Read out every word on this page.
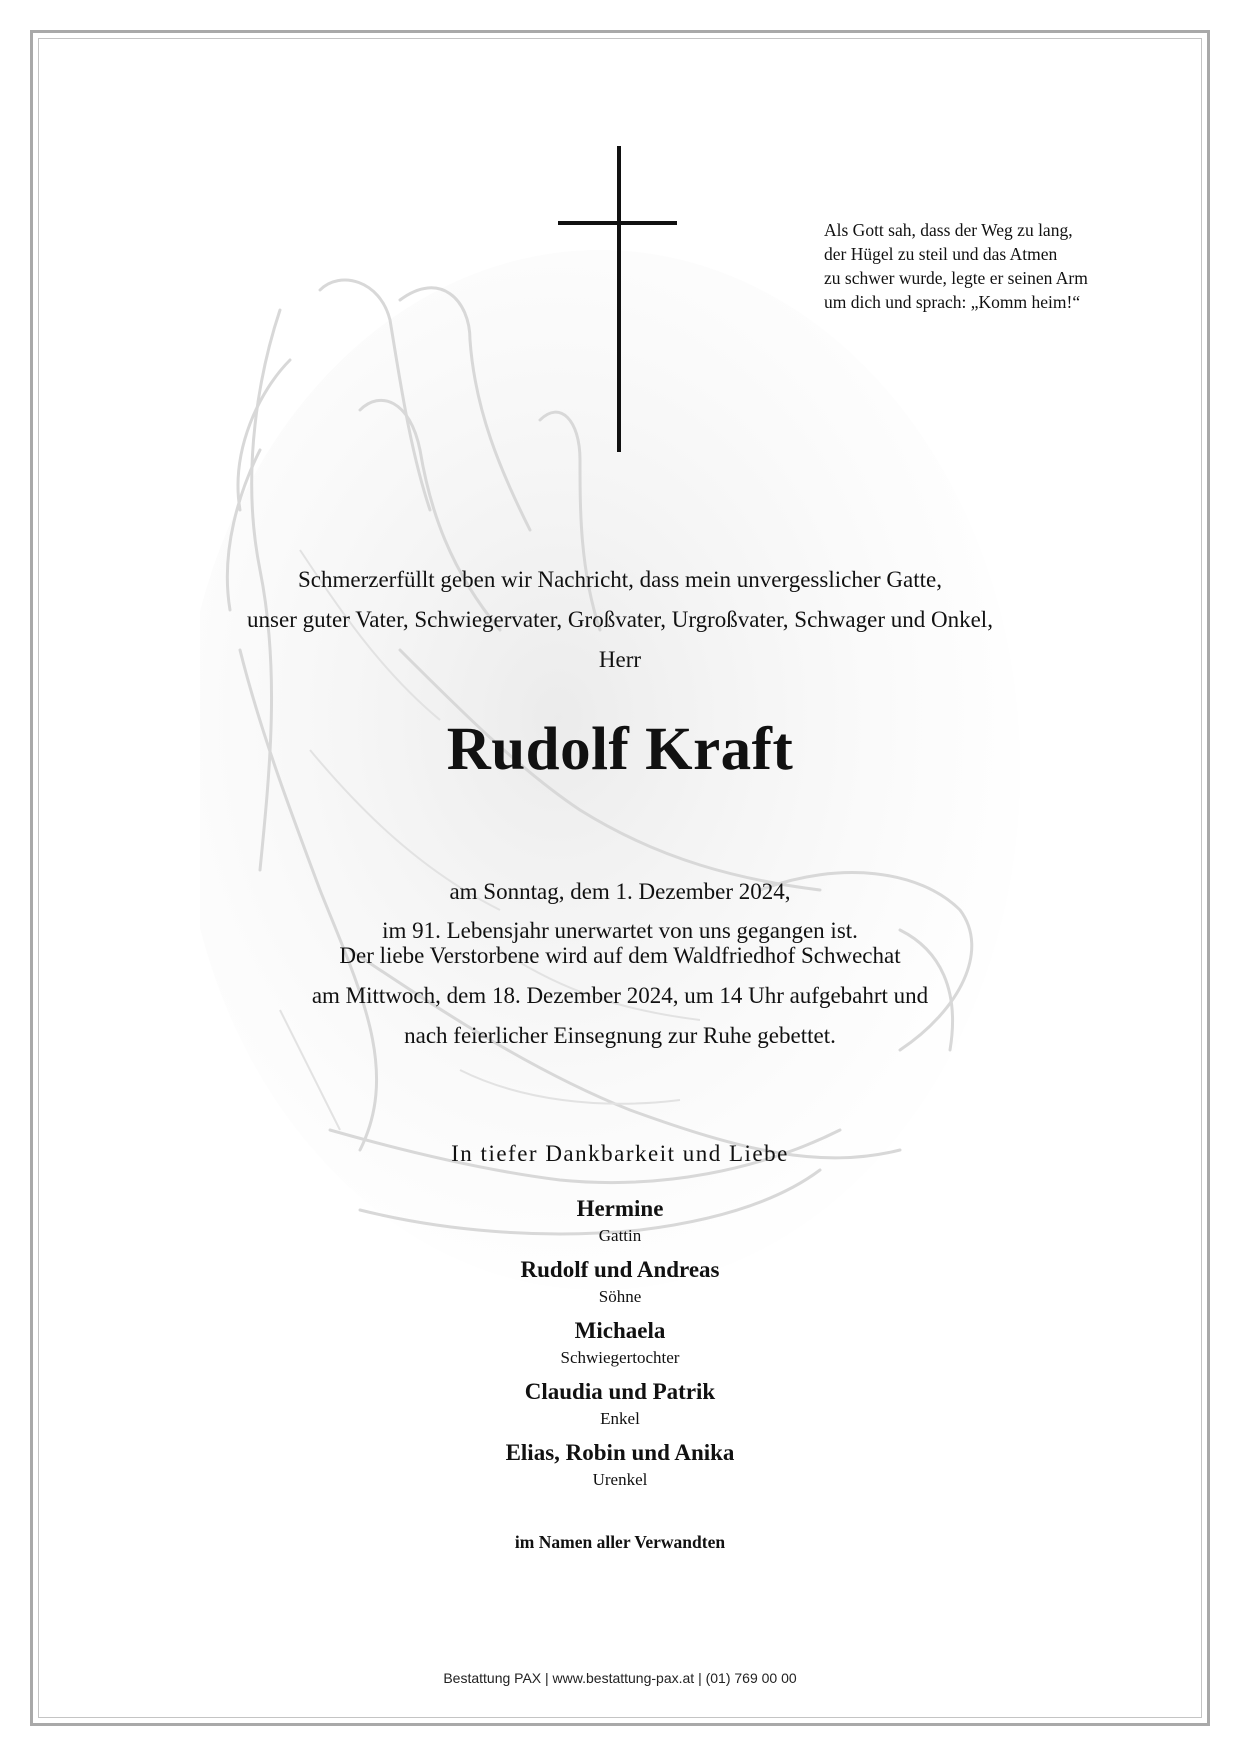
Als Gott sah, dass der Weg zu lang,
der Hügel zu steil und das Atmen
zu schwer wurde, legte er seinen Arm
um dich und sprach: „Komm heim!“
Schmerzerfüllt geben wir Nachricht, dass mein unvergesslicher Gatte,
unser guter Vater, Schwiegervater, Großvater, Urgroßvater, Schwager und Onkel,
Herr
Rudolf Kraft
am Sonntag, dem 1. Dezember 2024,
im 91. Lebensjahr unerwartet von uns gegangen ist.
Der liebe Verstorbene wird auf dem Waldfriedhof Schwechat
am Mittwoch, dem 18. Dezember 2024, um 14 Uhr aufgebahrt und
nach feierlicher Einsegnung zur Ruhe gebettet.
In tiefer Dankbarkeit und Liebe
Hermine
Gattin
Rudolf und Andreas
Söhne
Michaela
Schwiegertochter
Claudia und Patrik
Enkel
Elias, Robin und Anika
Urenkel
im Namen aller Verwandten
Bestattung PAX | www.bestattung-pax.at | (01) 769 00 00
